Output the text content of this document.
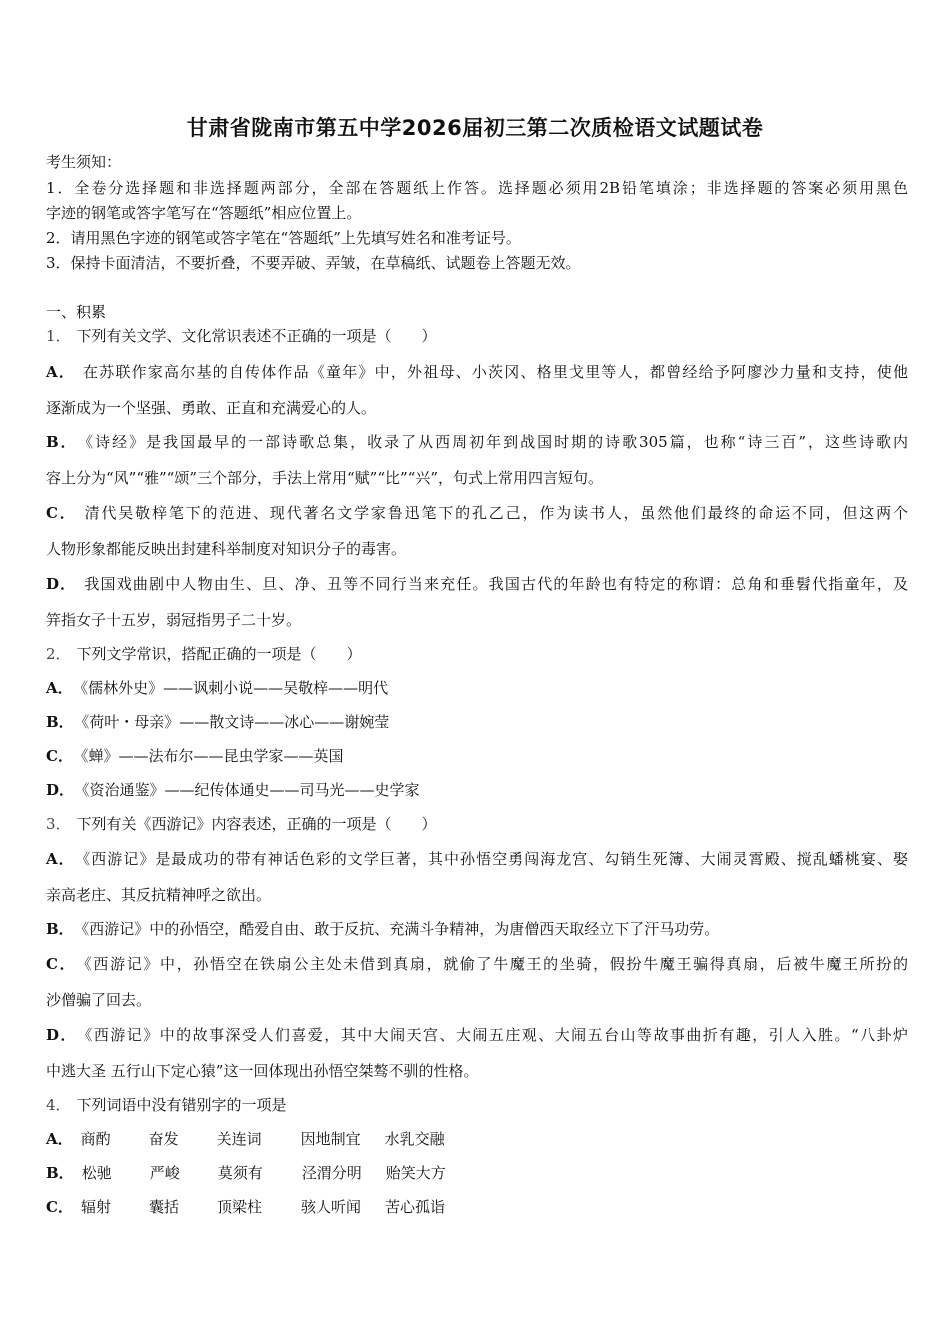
甘肃省陇南市第五中学2026届初三第二次质检语文试题试卷
考生须知：
1．全卷分选择题和非选择题两部分，全部在答题纸上作答。选择题必须用2B铅笔填涂；非选择题的答案必须用黑色
字迹的钢笔或答字笔写在“答题纸”相应位置上。
2．请用黑色字迹的钢笔或答字笔在“答题纸”上先填写姓名和准考证号。
3．保持卡面清洁，不要折叠，不要弄破、弄皱，在草稿纸、试题卷上答题无效。
一、积累
1． 下列有关文学、文化常识表述不正确的一项是（　　）
A． 在苏联作家高尔基的自传体作品《童年》中，外祖母、小茨冈、格里戈里等人，都曾经给予阿廖沙力量和支持，使他
逐渐成为一个坚强、勇敢、正直和充满爱心的人。
B． 《诗经》是我国最早的一部诗歌总集，收录了从西周初年到战国时期的诗歌305篇，也称“诗三百”，这些诗歌内
容上分为“风”“雅”“颂”三个部分，手法上常用“赋”“比”“兴”，句式上常用四言短句。
C． 清代吴敬梓笔下的范进、现代著名文学家鲁迅笔下的孔乙己，作为读书人，虽然他们最终的命运不同，但这两个
人物形象都能反映出封建科举制度对知识分子的毒害。
D． 我国戏曲剧中人物由生、旦、净、丑等不同行当来充任。我国古代的年龄也有特定的称谓：总角和垂髫代指童年，及
笄指女子十五岁，弱冠指男子二十岁。
2． 下列文学常识，搭配正确的一项是（　　）
A． 《儒林外史》——讽刺小说——吴敬梓——明代
B． 《荷叶・母亲》——散文诗——冰心——谢婉莹
C． 《蝉》——法布尔——昆虫学家——英国
D． 《资治通鉴》——纪传体通史——司马光——史学家
3． 下列有关《西游记》内容表述，正确的一项是（　　）
A． 《西游记》是最成功的带有神话色彩的文学巨著，其中孙悟空勇闯海龙宫、勾销生死簿、大闹灵霄殿、搅乱蟠桃宴、娶
亲高老庄、其反抗精神呼之欲出。
B． 《西游记》中的孙悟空，酷爱自由、敢于反抗、充满斗争精神，为唐僧西天取经立下了汗马功劳。
C． 《西游记》中，孙悟空在铁扇公主处未借到真扇，就偷了牛魔王的坐骑，假扮牛魔王骗得真扇，后被牛魔王所扮的
沙僧骗了回去。
D． 《西游记》中的故事深受人们喜爱，其中大闹天宫、大闹五庄观、大闹五台山等故事曲折有趣，引人入胜。“八卦炉
中逃大圣 五行山下定心猿”这一回体现出孙悟空桀骜不驯的性格。
4． 下列词语中没有错别字的一项是
A． 商酌	奋发	关连词	因地制宜 水乳交融
B． 松驰	严峻	莫须有	泾渭分明 贻笑大方
C． 辐射	囊括	顶梁柱	骇人听闻 苦心孤诣
